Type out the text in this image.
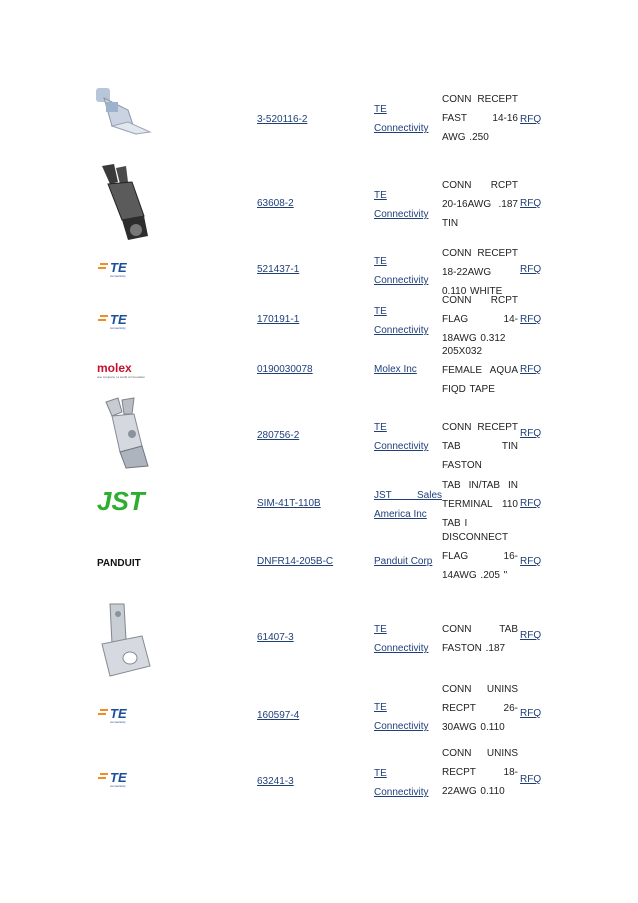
3-520116-2
TE
Connectivity
CONN RECEPT FAST 14-16 AWG .250
RFQ
63608-2
TE
Connectivity
CONN RCPT 20-16AWG .187 TIN
RFQ
TE
connectivity
521437-1
TE
Connectivity
CONN RECEPT 18-22AWG 0.110 WHITE
RFQ
TE
connectivity
170191-1
TE
Connectivity
CONN RCPT FLAG 14-18AWG 0.312
RFQ
molex
one company | a world of innovation
0190030078	Molex Inc
205X032 FEMALE AQUA FIQD TAPE
RFQ
280756-2
TE
Connectivity
CONN RECEPT TAB TIN FASTON
RFQ
JST	SIM-41T-110B
JST Sales
America Inc
TAB IN/TAB IN TERMINAL 110 TAB I
RFQ
PANDUIT	DNFR14-205B-C	Panduit Corp
DISCONNECT FLAG 16-14AWG .205 "
RFQ
61407-3
TE
Connectivity
CONN TAB FASTON .187
RFQ
TE
connectivity
160597-4
TE
Connectivity
CONN UNINS RECPT 26-30AWG 0.110
RFQ
TE
connectivity	63241-3
TE
Connectivity
CONN UNINS RECPT 18-22AWG 0.110
RFQ
